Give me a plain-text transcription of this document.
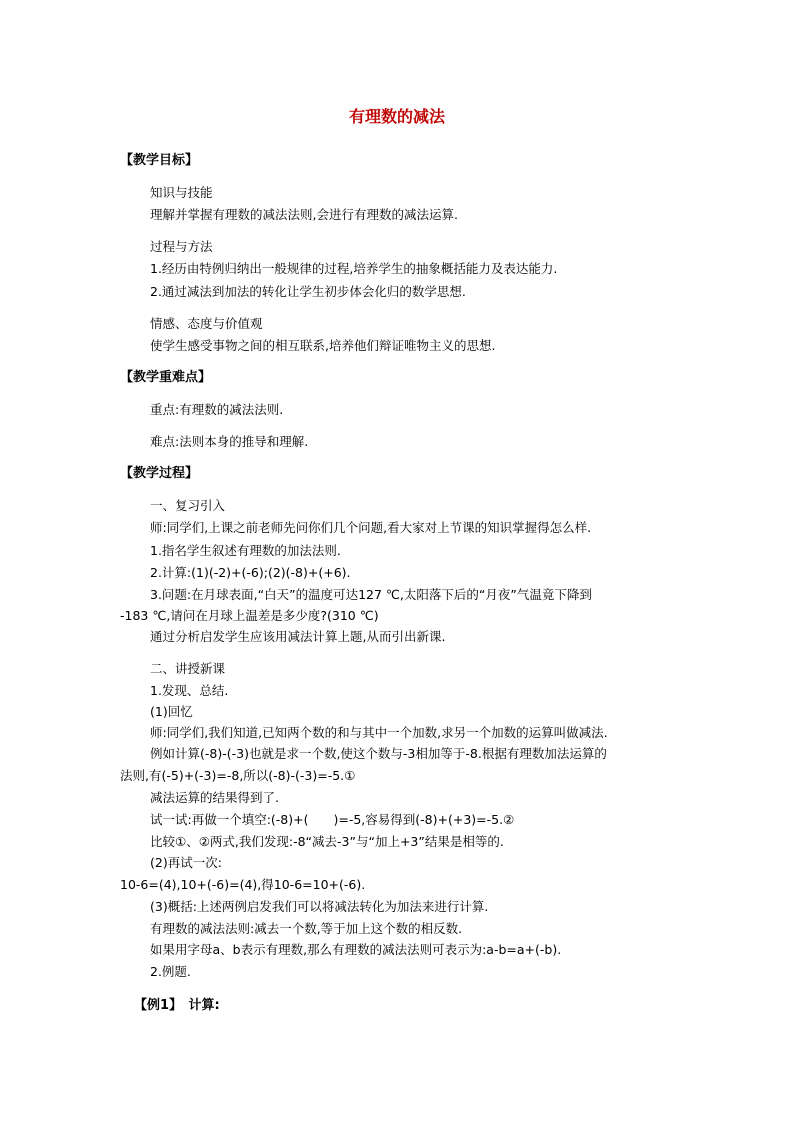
有理数的减法
【教学目标】
知识与技能
理解并掌握有理数的减法法则,会进行有理数的减法运算.
过程与方法
1.经历由特例归纳出一般规律的过程,培养学生的抽象概括能力及表达能力.
2.通过减法到加法的转化让学生初步体会化归的数学思想.
情感、态度与价值观
使学生感受事物之间的相互联系,培养他们辩证唯物主义的思想.
【教学重难点】
重点:有理数的减法法则.
难点:法则本身的推导和理解.
【教学过程】
一、复习引入
师:同学们,上课之前老师先问你们几个问题,看大家对上节课的知识掌握得怎么样.
1.指名学生叙述有理数的加法法则.
2.计算:(1)(-2)+(-6);(2)(-8)+(+6).
3.问题:在月球表面,“白天”的温度可达127 ℃,太阳落下后的“月夜”气温竟下降到
-183 ℃,请问在月球上温差是多少度?(310 ℃)
通过分析启发学生应该用减法计算上题,从而引出新课.
二、讲授新课
1.发现、总结.
(1)回忆
师:同学们,我们知道,已知两个数的和与其中一个加数,求另一个加数的运算叫做减法.
例如计算(-8)-(-3)也就是求一个数,使这个数与-3相加等于-8.根据有理数加法运算的
法则,有(-5)+(-3)=-8,所以(-8)-(-3)=-5.①
减法运算的结果得到了.
试一试:再做一个填空:(-8)+(　　)=-5,容易得到(-8)+(+3)=-5.②
比较①、②两式,我们发现:-8“减去-3”与“加上+3”结果是相等的.
(2)再试一次:
10-6=(4),10+(-6)=(4),得10-6=10+(-6).
(3)概括:上述两例启发我们可以将减法转化为加法来进行计算.
有理数的减法法则:减去一个数,等于加上这个数的相反数.
如果用字母a、b表示有理数,那么有理数的减法法则可表示为:a-b=a+(-b).
2.例题.
【例1】　计算:
